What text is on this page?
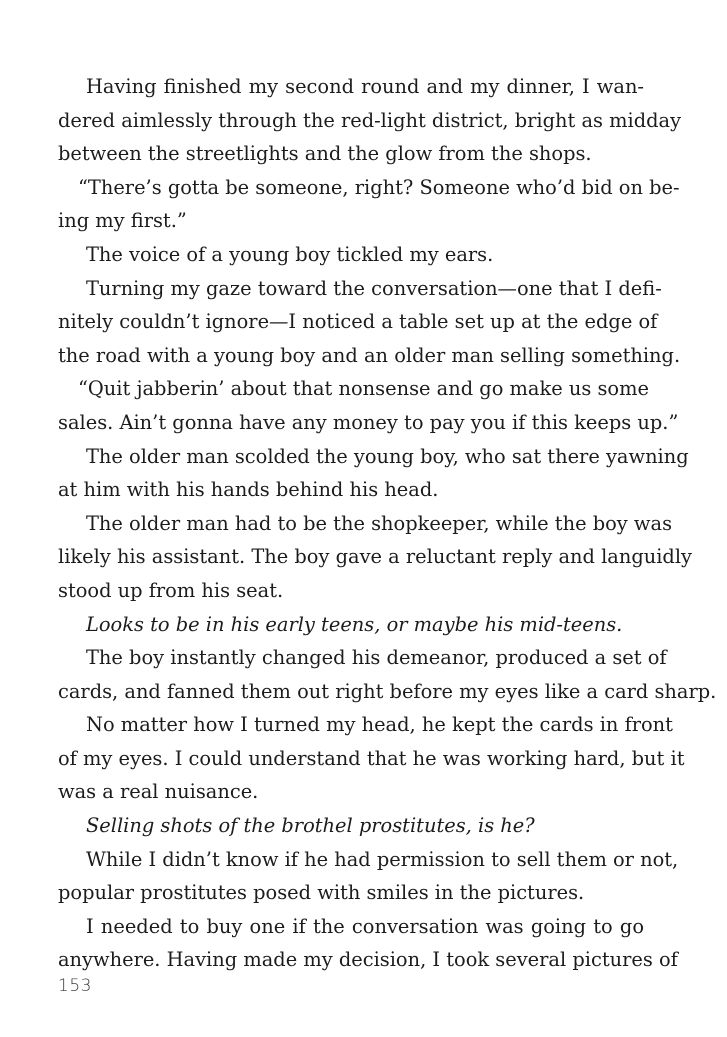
Having finished my second round and my dinner, I wan-
dered aimlessly through the red-light district, bright as midday
between the streetlights and the glow from the shops.
“There’s gotta be someone, right? Someone who’d bid on be-
ing my first.”
The voice of a young boy tickled my ears.
Turning my gaze toward the conversation—one that I defi-
nitely couldn’t ignore—I noticed a table set up at the edge of
the road with a young boy and an older man selling something.
“Quit jabberin’ about that nonsense and go make us some
sales. Ain’t gonna have any money to pay you if this keeps up.”
The older man scolded the young boy, who sat there yawning
at him with his hands behind his head.
The older man had to be the shopkeeper, while the boy was
likely his assistant. The boy gave a reluctant reply and languidly
stood up from his seat.
Looks to be in his early teens, or maybe his mid-teens.
The boy instantly changed his demeanor, produced a set of
cards, and fanned them out right before my eyes like a card sharp.
No matter how I turned my head, he kept the cards in front
of my eyes. I could understand that he was working hard, but it
was a real nuisance.
Selling shots of the brothel prostitutes, is he?
While I didn’t know if he had permission to sell them or not,
popular prostitutes posed with smiles in the pictures.
I needed to buy one if the conversation was going to go
anywhere. Having made my decision, I took several pictures of
153
